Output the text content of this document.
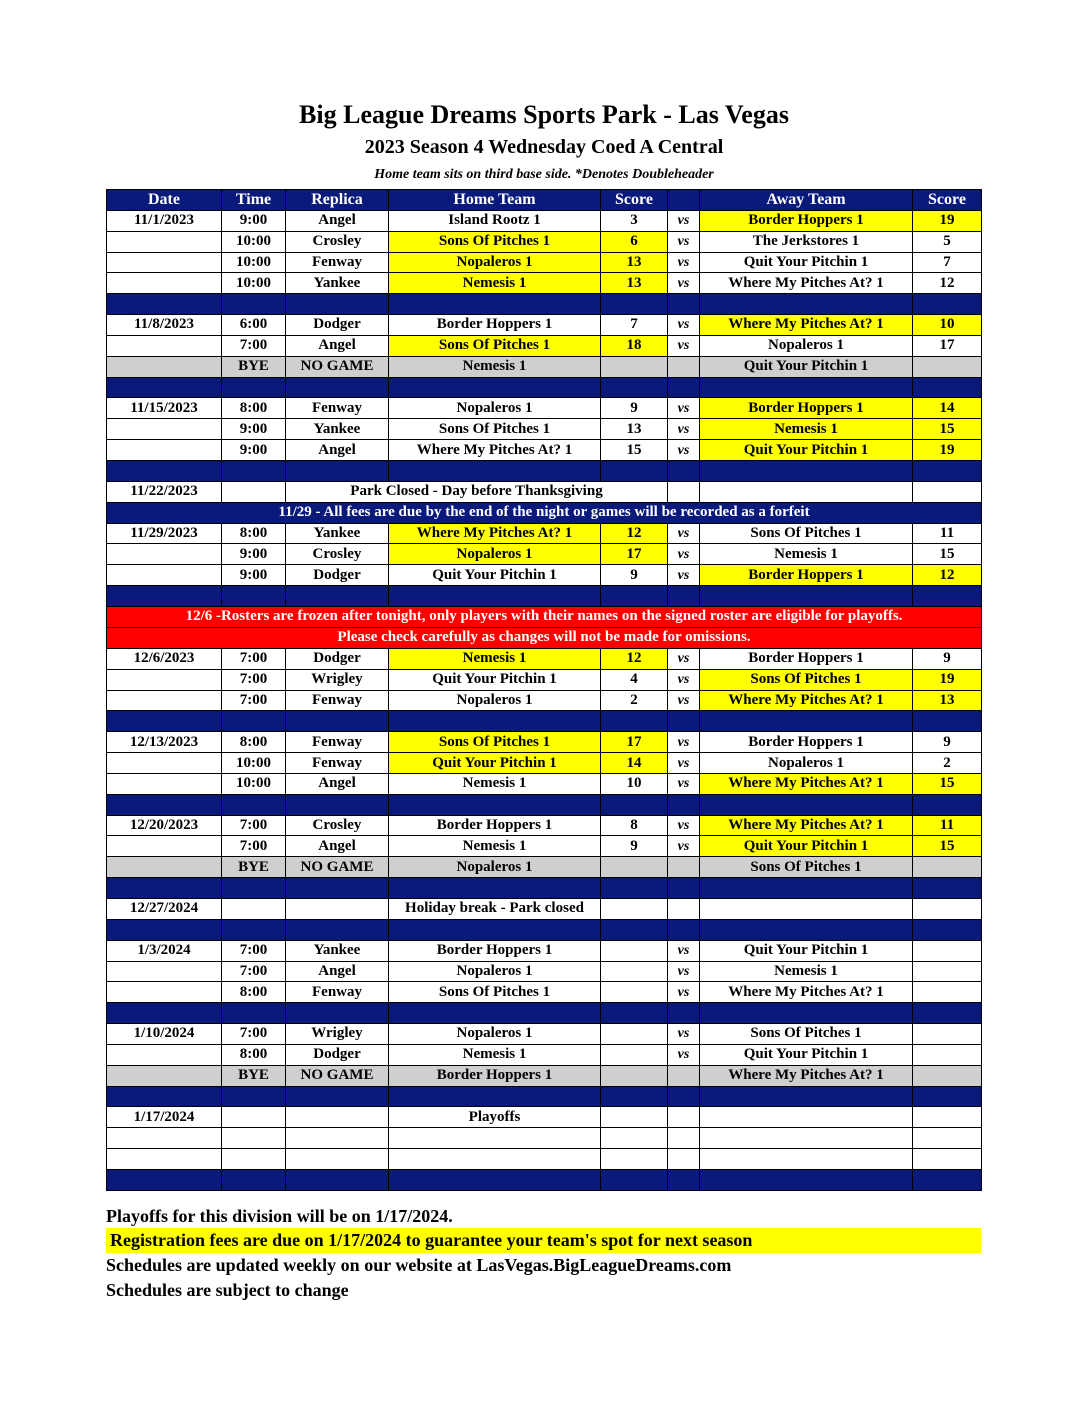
Big League Dreams Sports Park - Las Vegas
2023 Season 4 Wednesday Coed A Central
Home team sits on third base side. *Denotes Doubleheader
Date	Time	Replica	Home Team	Score		Away Team	Score
11/1/2023	9:00	Angel	Island Rootz 1	3	vs	Border Hoppers 1	19
	10:00	Crosley	Sons Of Pitches 1	6	vs	The Jerkstores 1	5
	10:00	Fenway	Nopaleros 1	13	vs	Quit Your Pitchin 1	7
	10:00	Yankee	Nemesis 1	13	vs	Where My Pitches At? 1	12

11/8/2023	6:00	Dodger	Border Hoppers 1	7	vs	Where My Pitches At? 1	10
	7:00	Angel	Sons Of Pitches 1	18	vs	Nopaleros 1	17
	BYE	NO GAME	Nemesis 1			Quit Your Pitchin 1	

11/15/2023	8:00	Fenway	Nopaleros 1	9	vs	Border Hoppers 1	14
	9:00	Yankee	Sons Of Pitches 1	13	vs	Nemesis 1	15
	9:00	Angel	Where My Pitches At? 1	15	vs	Quit Your Pitchin 1	19

11/22/2023		Park Closed - Day before Thanksgiving					
11/29 - All fees are due by the end of the night or games will be recorded as a forfeit							
11/29/2023	8:00	Yankee	Where My Pitches At? 1	12	vs	Sons Of Pitches 1	11
	9:00	Crosley	Nopaleros 1	17	vs	Nemesis 1	15
	9:00	Dodger	Quit Your Pitchin 1	9	vs	Border Hoppers 1	12

12/6 -Rosters are frozen after tonight, only players with their names on the signed roster are eligible for playoffs.							
Please check carefully as changes will not be made for omissions.							
12/6/2023	7:00	Dodger	Nemesis 1	12	vs	Border Hoppers 1	9
	7:00	Wrigley	Quit Your Pitchin 1	4	vs	Sons Of Pitches 1	19
	7:00	Fenway	Nopaleros 1	2	vs	Where My Pitches At? 1	13

12/13/2023	8:00	Fenway	Sons Of Pitches 1	17	vs	Border Hoppers 1	9
	10:00	Fenway	Quit Your Pitchin 1	14	vs	Nopaleros 1	2
	10:00	Angel	Nemesis 1	10	vs	Where My Pitches At? 1	15

12/20/2023	7:00	Crosley	Border Hoppers 1	8	vs	Where My Pitches At? 1	11
	7:00	Angel	Nemesis 1	9	vs	Quit Your Pitchin 1	15
	BYE	NO GAME	Nopaleros 1			Sons Of Pitches 1	

12/27/2024			Holiday break - Park closed				

1/3/2024	7:00	Yankee	Border Hoppers 1		vs	Quit Your Pitchin 1	
	7:00	Angel	Nopaleros 1		vs	Nemesis 1	
	8:00	Fenway	Sons Of Pitches 1		vs	Where My Pitches At? 1	

1/10/2024	7:00	Wrigley	Nopaleros 1		vs	Sons Of Pitches 1	
	8:00	Dodger	Nemesis 1		vs	Quit Your Pitchin 1	
	BYE	NO GAME	Border Hoppers 1			Where My Pitches At? 1	

1/17/2024			Playoffs				

Playoffs for this division will be on 1/17/2024.
Registration fees are due on 1/17/2024 to guarantee your team's spot for next season
Schedules are updated weekly on our website at LasVegas.BigLeagueDreams.com
Schedules are subject to change
